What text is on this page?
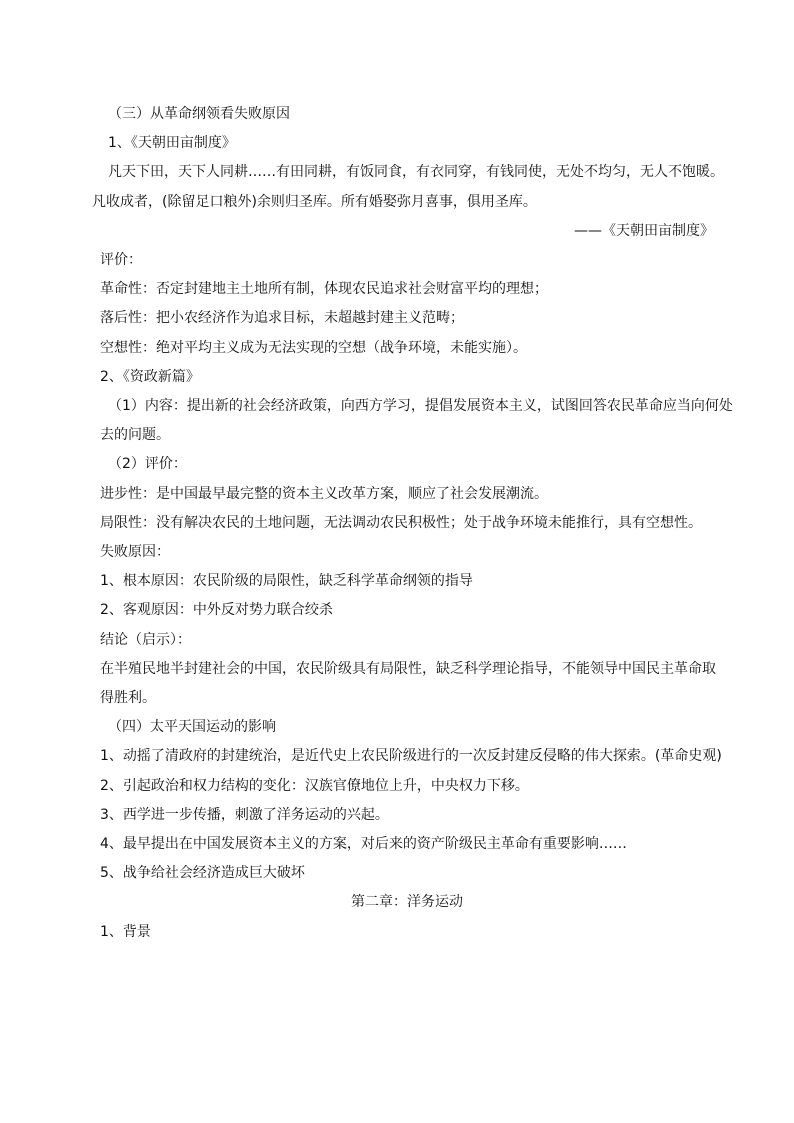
（三）从革命纲领看失败原因

1、《天朝田亩制度》

凡天下田，天下人同耕……有田同耕，有饭同食，有衣同穿，有钱同使，无处不均匀，无人不饱暖。

凡收成者，(除留足口粮外)余则归圣库。所有婚娶弥月喜事，俱用圣库。

——《天朝田亩制度》

评价：

革命性：否定封建地主土地所有制，体现农民追求社会财富平均的理想；

落后性：把小农经济作为追求目标，未超越封建主义范畴；

空想性：绝对平均主义成为无法实现的空想（战争环境，未能实施）。

2、《资政新篇》

（1）内容：提出新的社会经济政策，向西方学习，提倡发展资本主义，试图回答农民革命应当向何处

去的问题。

（2）评价：

进步性：是中国最早最完整的资本主义改革方案，顺应了社会发展潮流。

局限性：没有解决农民的土地问题，无法调动农民积极性；处于战争环境未能推行，具有空想性。

失败原因：

1、根本原因：农民阶级的局限性，缺乏科学革命纲领的指导

2、客观原因：中外反对势力联合绞杀

结论（启示）：

在半殖民地半封建社会的中国，农民阶级具有局限性，缺乏科学理论指导，不能领导中国民主革命取

得胜利。

（四）太平天国运动的影响

1、动摇了清政府的封建统治，是近代史上农民阶级进行的一次反封建反侵略的伟大探索。(革命史观)

2、引起政治和权力结构的变化：汉族官僚地位上升，中央权力下移。

3、西学进一步传播，刺激了洋务运动的兴起。

4、最早提出在中国发展资本主义的方案，对后来的资产阶级民主革命有重要影响……

5、战争给社会经济造成巨大破坏

第二章：洋务运动

1、背景
